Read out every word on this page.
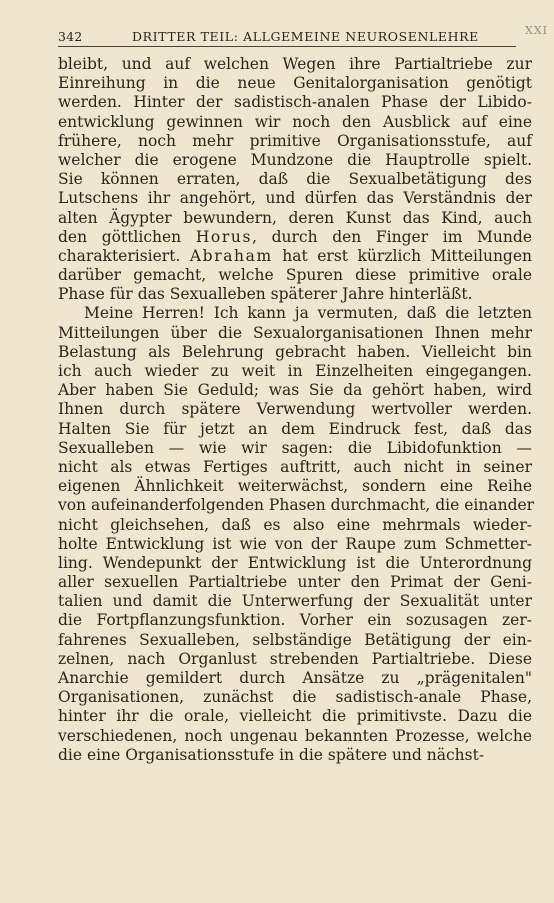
XXI
342	DRITTER TEIL: ALLGEMEINE NEUROSENLEHRE
bleibt, und auf welchen Wegen ihre Partialtriebe zur
Einreihung in die neue Genitalorganisation genötigt
werden. Hinter der sadistisch-analen Phase der Libido-
entwicklung gewinnen wir noch den Ausblick auf eine
frühere, noch mehr primitive Organisationsstufe, auf
welcher die erogene Mundzone die Hauptrolle spielt.
Sie können erraten, daß die Sexualbetätigung des
Lutschens ihr angehört, und dürfen das Verständnis der
alten Ägypter bewundern, deren Kunst das Kind, auch
den göttlichen Horus, durch den Finger im Munde
charakterisiert. Abraham hat erst kürzlich Mitteilungen
darüber gemacht, welche Spuren diese primitive orale
Phase für das Sexualleben späterer Jahre hinterläßt.
Meine Herren! Ich kann ja vermuten, daß die letzten
Mitteilungen über die Sexualorganisationen Ihnen mehr
Belastung als Belehrung gebracht haben. Vielleicht bin
ich auch wieder zu weit in Einzelheiten eingegangen.
Aber haben Sie Geduld; was Sie da gehört haben, wird
Ihnen durch spätere Verwendung wertvoller werden.
Halten Sie für jetzt an dem Eindruck fest, daß das
Sexualleben — wie wir sagen: die Libidofunktion —
nicht als etwas Fertiges auftritt, auch nicht in seiner
eigenen Ähnlichkeit weiterwächst, sondern eine Reihe
von aufeinanderfolgenden Phasen durchmacht, die einander
nicht gleichsehen, daß es also eine mehrmals wieder-
holte Entwicklung ist wie von der Raupe zum Schmetter-
ling. Wendepunkt der Entwicklung ist die Unterordnung
aller sexuellen Partialtriebe unter den Primat der Geni-
talien und damit die Unterwerfung der Sexualität unter
die Fortpflanzungsfunktion. Vorher ein sozusagen zer-
fahrenes Sexualleben, selbständige Betätigung der ein-
zelnen, nach Organlust strebenden Partialtriebe. Diese
Anarchie gemildert durch Ansätze zu „prägenitalen"
Organisationen, zunächst die sadistisch-anale Phase,
hinter ihr die orale, vielleicht die primitivste. Dazu die
verschiedenen, noch ungenau bekannten Prozesse, welche
die eine Organisationsstufe in die spätere und nächst-
